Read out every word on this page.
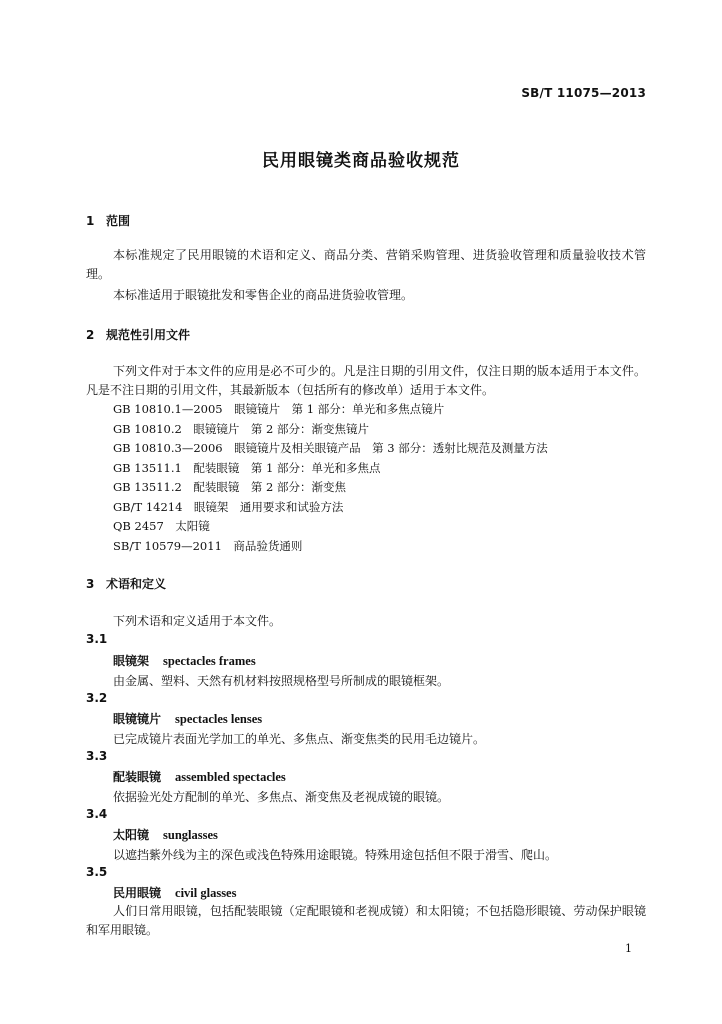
SB/T 11075—2013
民用眼镜类商品验收规范
1 范围
本标准规定了民用眼镜的术语和定义、商品分类、营销采购管理、进货验收管理和质量验收技术管理。
本标准适用于眼镜批发和零售企业的商品进货验收管理。
2 规范性引用文件
下列文件对于本文件的应用是必不可少的。凡是注日期的引用文件，仅注日期的版本适用于本文件。凡是不注日期的引用文件，其最新版本（包括所有的修改单）适用于本文件。
GB 10810.1—2005　眼镜镜片　第 1 部分：单光和多焦点镜片
GB 10810.2　眼镜镜片　第 2 部分：渐变焦镜片
GB 10810.3—2006　眼镜镜片及相关眼镜产品　第 3 部分：透射比规范及测量方法
GB 13511.1　配装眼镜　第 1 部分：单光和多焦点
GB 13511.2　配装眼镜　第 2 部分：渐变焦
GB/T 14214　眼镜架　通用要求和试验方法
QB 2457　太阳镜
SB/T 10579—2011　商品验货通则
3 术语和定义
下列术语和定义适用于本文件。
3.1
眼镜架 spectacles frames
由金属、塑料、天然有机材料按照规格型号所制成的眼镜框架。
3.2
眼镜镜片 spectacles lenses
已完成镜片表面光学加工的单光、多焦点、渐变焦类的民用毛边镜片。
3.3
配装眼镜 assembled spectacles
依据验光处方配制的单光、多焦点、渐变焦及老视成镜的眼镜。
3.4
太阳镜 sunglasses
以遮挡紫外线为主的深色或浅色特殊用途眼镜。特殊用途包括但不限于滑雪、爬山。
3.5
民用眼镜 civil glasses
人们日常用眼镜，包括配装眼镜（定配眼镜和老视成镜）和太阳镜；不包括隐形眼镜、劳动保护眼镜和军用眼镜。
1
